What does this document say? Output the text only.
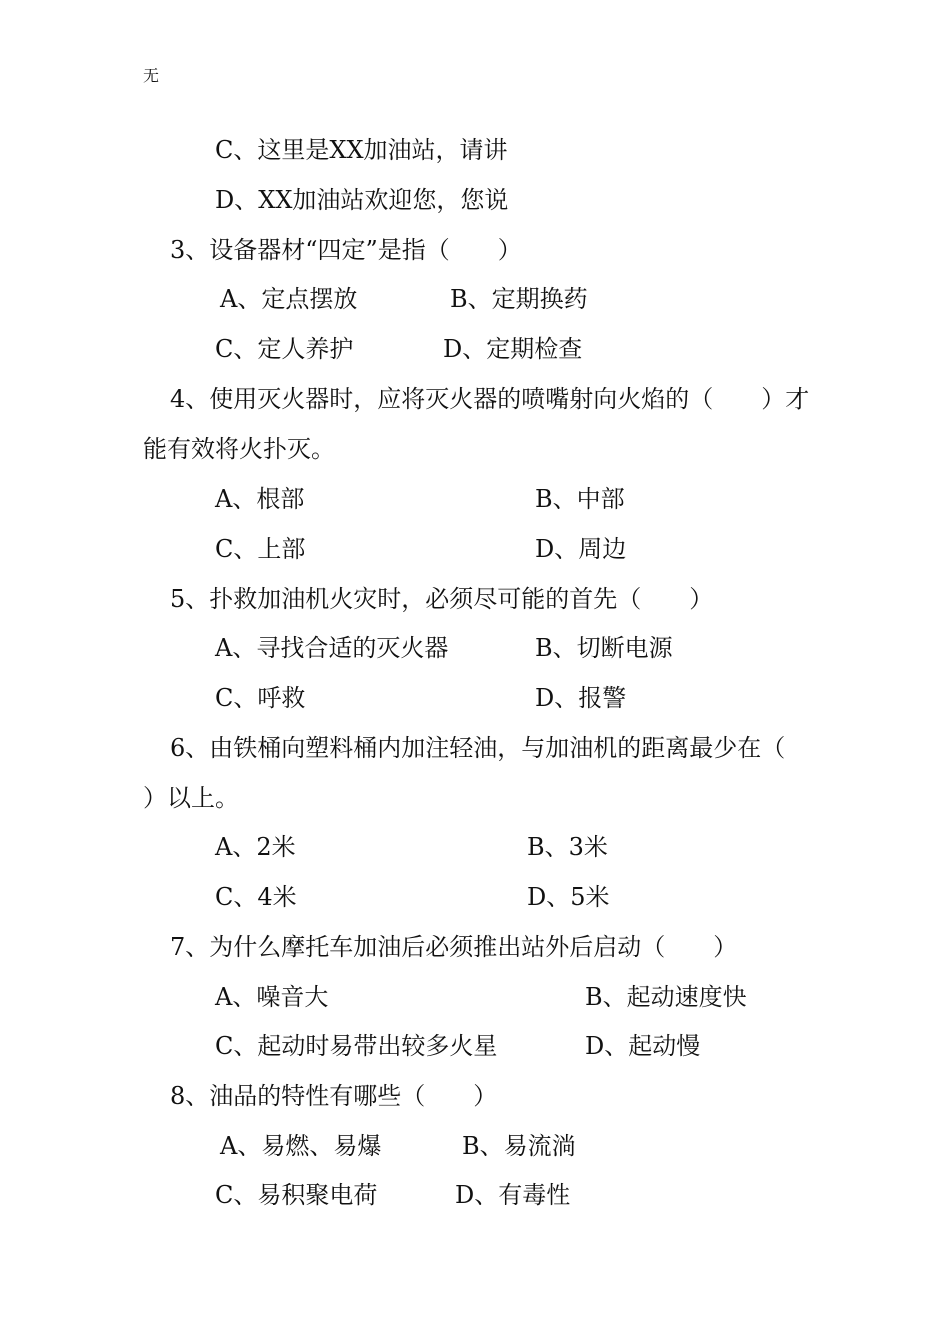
无
C、这里是XX加油站，请讲
D、XX加油站欢迎您，您说
3、设备器材“四定”是指（　　）
A、定点摆放	B、定期换药
C、定人养护	D、定期检查
4、使用灭火器时，应将灭火器的喷嘴射向火焰的（　　）才
能有效将火扑灭。
A、根部	B、中部
C、上部	D、周边
5、扑救加油机火灾时，必须尽可能的首先（　　）
A、寻找合适的灭火器	B、切断电源
C、呼救	D、报警
6、由铁桶向塑料桶内加注轻油，与加油机的距离最少在（
）以上。
A、2米	B、3米
C、4米	D、5米
7、为什么摩托车加油后必须推出站外后启动（　　）
A、噪音大	B、起动速度快
C、起动时易带出较多火星	D、起动慢
8、油品的特性有哪些（　　）
A、易燃、易爆	B、易流淌
C、易积聚电荷	D、有毒性
